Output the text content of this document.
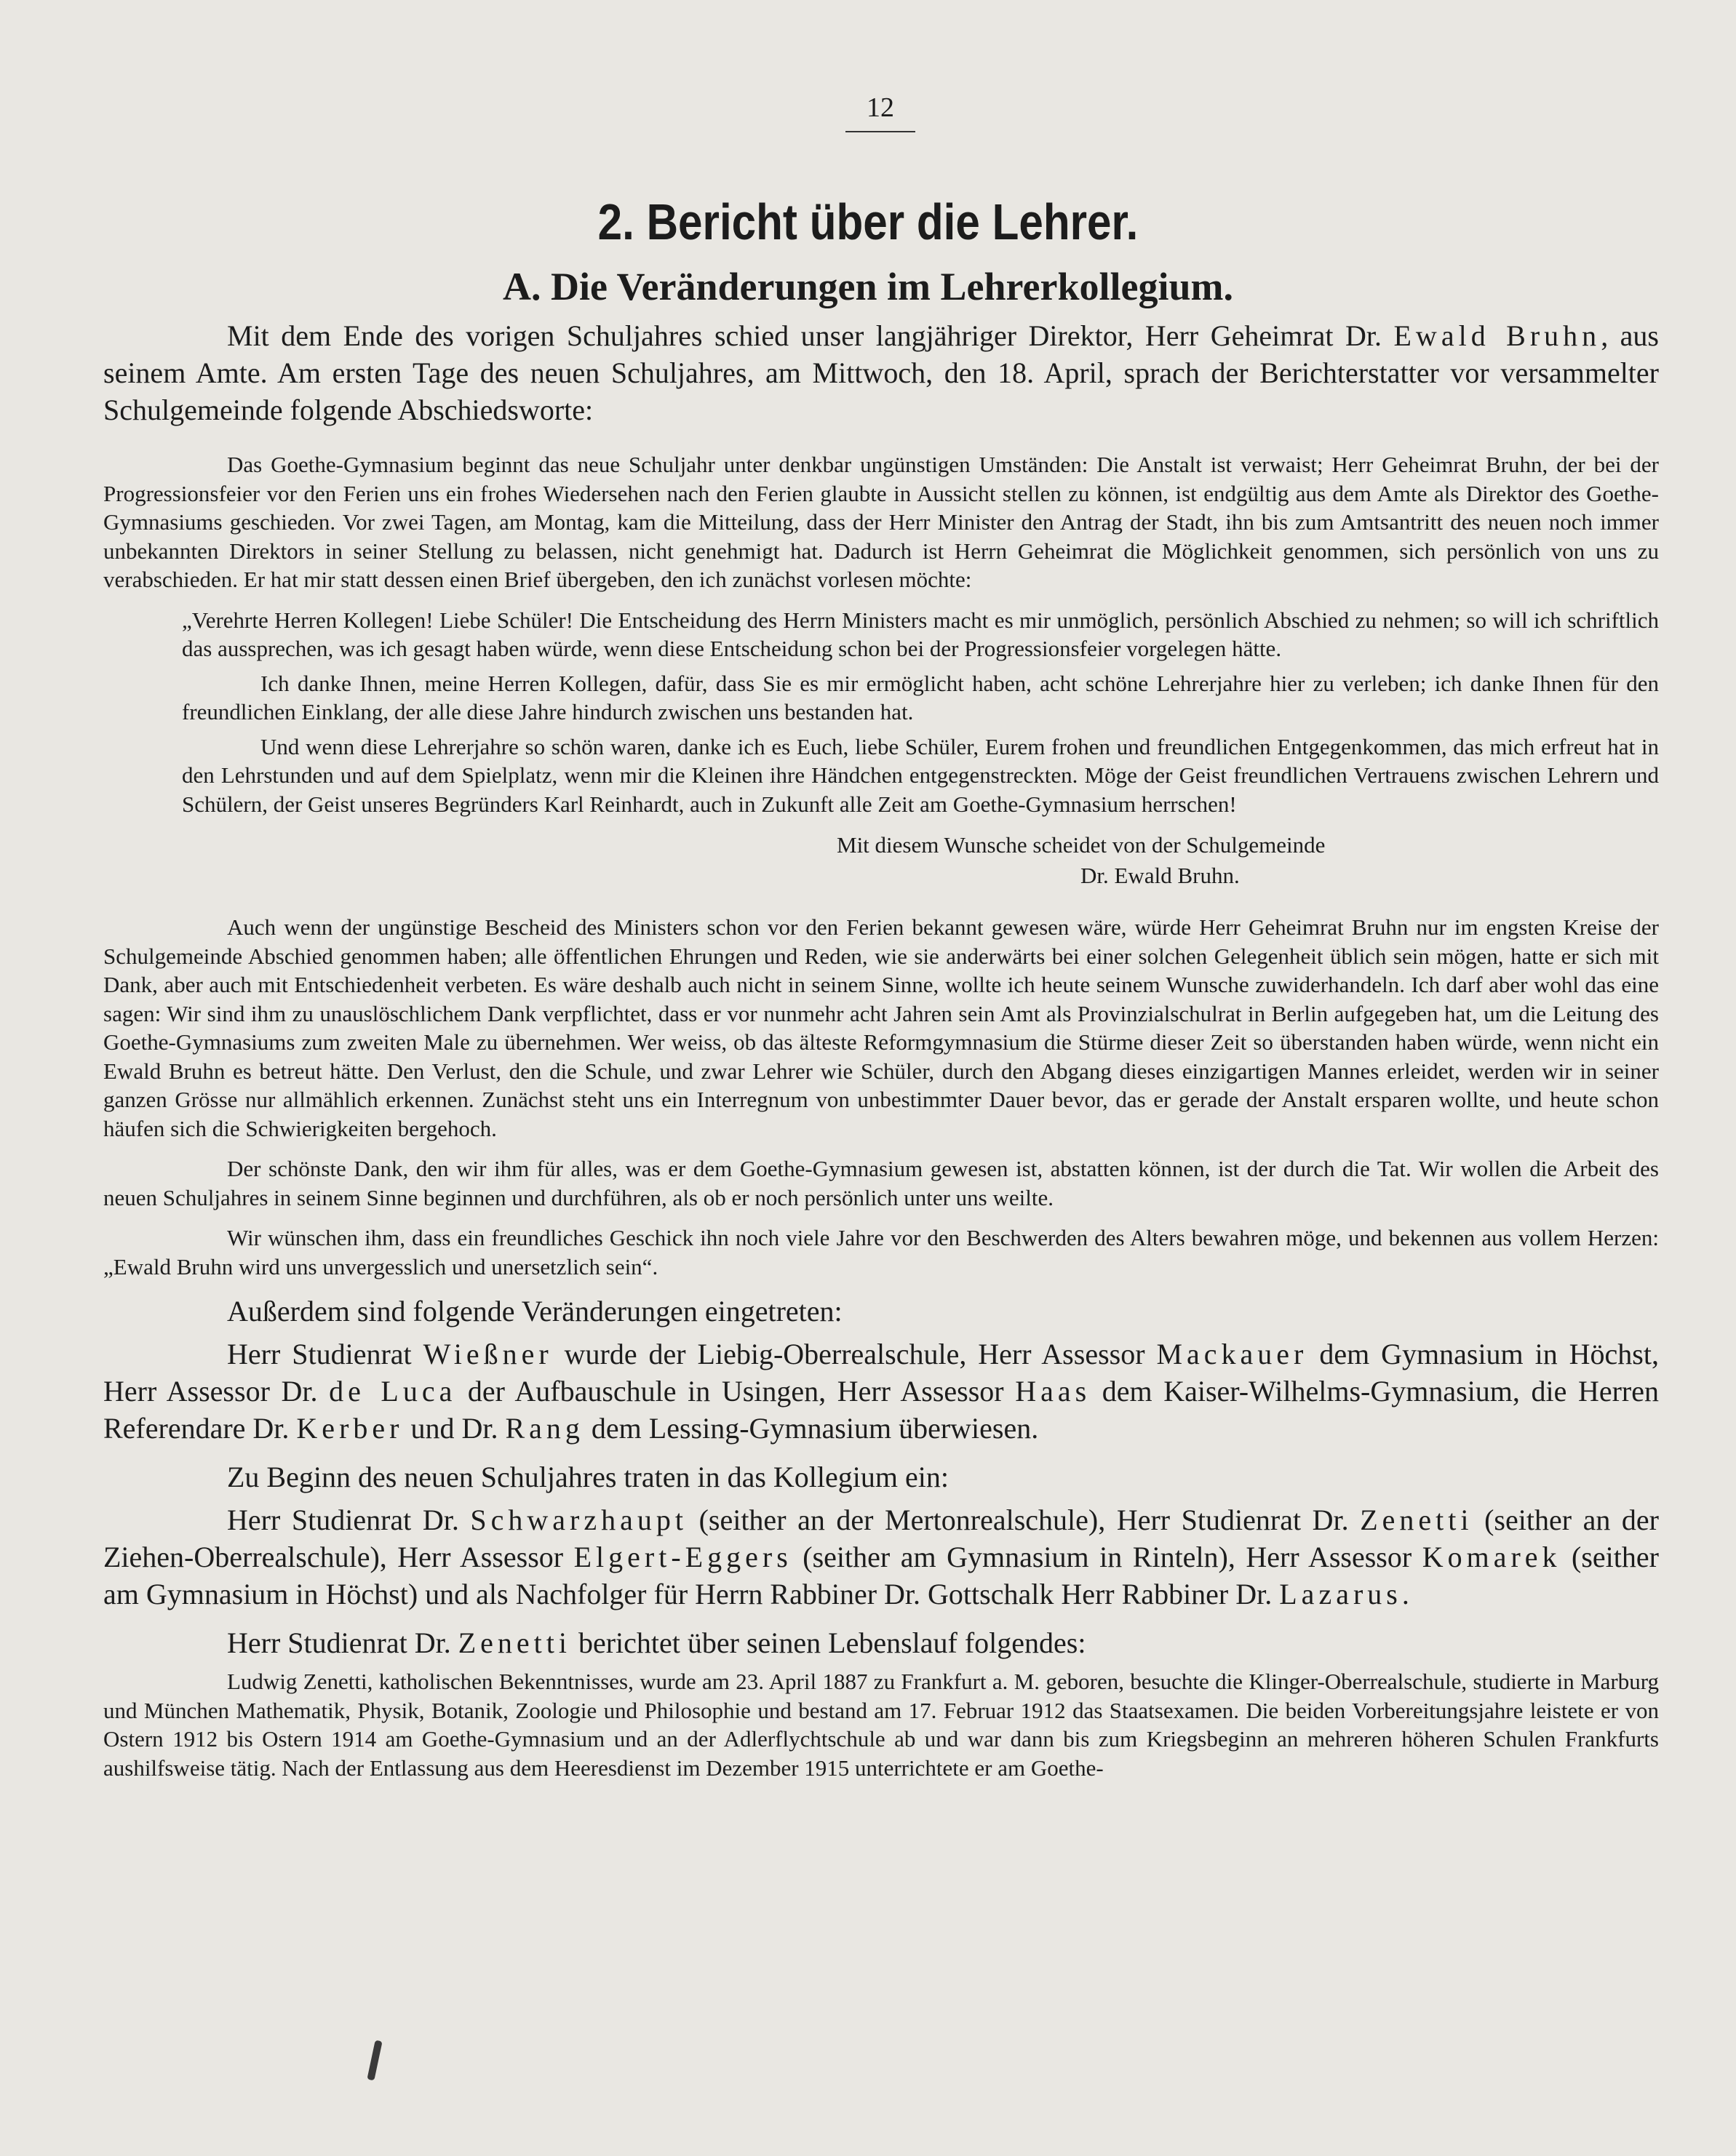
12
2. Bericht über die Lehrer.
A. Die Veränderungen im Lehrerkollegium.

Mit dem Ende des vorigen Schuljahres schied unser langjähriger Direktor, Herr Geheimrat Dr. Ewald Bruhn, aus seinem Amte. Am ersten Tage des neuen Schuljahres, am Mittwoch, den 18. April, sprach der Berichterstatter vor versammelter Schulgemeinde folgende Abschiedsworte:

Das Goethe-Gymnasium beginnt das neue Schuljahr unter denkbar ungünstigen Umständen: Die Anstalt ist verwaist; Herr Geheimrat Bruhn, der bei der Progressionsfeier vor den Ferien uns ein frohes Wiedersehen nach den Ferien glaubte in Aussicht stellen zu können, ist endgültig aus dem Amte als Direktor des Goethe-Gymnasiums geschieden. Vor zwei Tagen, am Montag, kam die Mitteilung, dass der Herr Minister den Antrag der Stadt, ihn bis zum Amtsantritt des neuen noch immer unbekannten Direktors in seiner Stellung zu belassen, nicht genehmigt hat. Dadurch ist Herrn Geheimrat die Möglichkeit genommen, sich persönlich von uns zu verabschieden. Er hat mir statt dessen einen Brief übergeben, den ich zunächst vorlesen möchte:

„Verehrte Herren Kollegen! Liebe Schüler! Die Entscheidung des Herrn Ministers macht es mir unmöglich, persönlich Abschied zu nehmen; so will ich schriftlich das aussprechen, was ich gesagt haben würde, wenn diese Entscheidung schon bei der Progressionsfeier vorgelegen hätte.

Ich danke Ihnen, meine Herren Kollegen, dafür, dass Sie es mir ermöglicht haben, acht schöne Lehrerjahre hier zu verleben; ich danke Ihnen für den freundlichen Einklang, der alle diese Jahre hindurch zwischen uns bestanden hat.

Und wenn diese Lehrerjahre so schön waren, danke ich es Euch, liebe Schüler, Eurem frohen und freundlichen Entgegenkommen, das mich erfreut hat in den Lehrstunden und auf dem Spielplatz, wenn mir die Kleinen ihre Händchen entgegenstreckten. Möge der Geist freundlichen Vertrauens zwischen Lehrern und Schülern, der Geist unseres Begründers Karl Reinhardt, auch in Zukunft alle Zeit am Goethe-Gymnasium herrschen!

Mit diesem Wunsche scheidet von der Schulgemeinde

Dr. Ewald Bruhn.

Auch wenn der ungünstige Bescheid des Ministers schon vor den Ferien bekannt gewesen wäre, würde Herr Geheimrat Bruhn nur im engsten Kreise der Schulgemeinde Abschied genommen haben; alle öffentlichen Ehrungen und Reden, wie sie anderwärts bei einer solchen Gelegenheit üblich sein mögen, hatte er sich mit Dank, aber auch mit Entschiedenheit verbeten. Es wäre deshalb auch nicht in seinem Sinne, wollte ich heute seinem Wunsche zuwiderhandeln. Ich darf aber wohl das eine sagen: Wir sind ihm zu unauslöschlichem Dank verpflichtet, dass er vor nunmehr acht Jahren sein Amt als Provinzialschulrat in Berlin aufgegeben hat, um die Leitung des Goethe-Gymnasiums zum zweiten Male zu übernehmen. Wer weiss, ob das älteste Reformgymnasium die Stürme dieser Zeit so überstanden haben würde, wenn nicht ein Ewald Bruhn es betreut hätte. Den Verlust, den die Schule, und zwar Lehrer wie Schüler, durch den Abgang dieses einzigartigen Mannes erleidet, werden wir in seiner ganzen Grösse nur allmählich erkennen. Zunächst steht uns ein Interregnum von unbestimmter Dauer bevor, das er gerade der Anstalt ersparen wollte, und heute schon häufen sich die Schwierigkeiten bergehoch.

Der schönste Dank, den wir ihm für alles, was er dem Goethe-Gymnasium gewesen ist, abstatten können, ist der durch die Tat. Wir wollen die Arbeit des neuen Schuljahres in seinem Sinne beginnen und durchführen, als ob er noch persönlich unter uns weilte.

Wir wünschen ihm, dass ein freundliches Geschick ihn noch viele Jahre vor den Beschwerden des Alters bewahren möge, und bekennen aus vollem Herzen: „Ewald Bruhn wird uns unvergesslich und unersetzlich sein“.

Außerdem sind folgende Veränderungen eingetreten:

Herr Studienrat Wießner wurde der Liebig-Oberrealschule, Herr Assessor Mackauer dem Gymnasium in Höchst, Herr Assessor Dr. de Luca der Aufbauschule in Usingen, Herr Assessor Haas dem Kaiser-Wilhelms-Gymnasium, die Herren Referendare Dr. Kerber und Dr. Rang dem Lessing-Gymnasium überwiesen.

Zu Beginn des neuen Schuljahres traten in das Kollegium ein:

Herr Studienrat Dr. Schwarzhaupt (seither an der Mertonrealschule), Herr Studienrat Dr. Zenetti (seither an der Ziehen-Oberrealschule), Herr Assessor Elgert-Eggers (seither am Gymnasium in Rinteln), Herr Assessor Komarek (seither am Gymnasium in Höchst) und als Nachfolger für Herrn Rabbiner Dr. Gottschalk Herr Rabbiner Dr. Lazarus.

Herr Studienrat Dr. Zenetti berichtet über seinen Lebenslauf folgendes:

Ludwig Zenetti, katholischen Bekenntnisses, wurde am 23. April 1887 zu Frankfurt a. M. geboren, besuchte die Klinger-Oberrealschule, studierte in Marburg und München Mathematik, Physik, Botanik, Zoologie und Philosophie und bestand am 17. Februar 1912 das Staatsexamen. Die beiden Vorbereitungsjahre leistete er von Ostern 1912 bis Ostern 1914 am Goethe-Gymnasium und an der Adlerflychtschule ab und war dann bis zum Kriegsbeginn an mehreren höheren Schulen Frankfurts aushilfsweise tätig. Nach der Entlassung aus dem Heeresdienst im Dezember 1915 unterrichtete er am Goethe-
